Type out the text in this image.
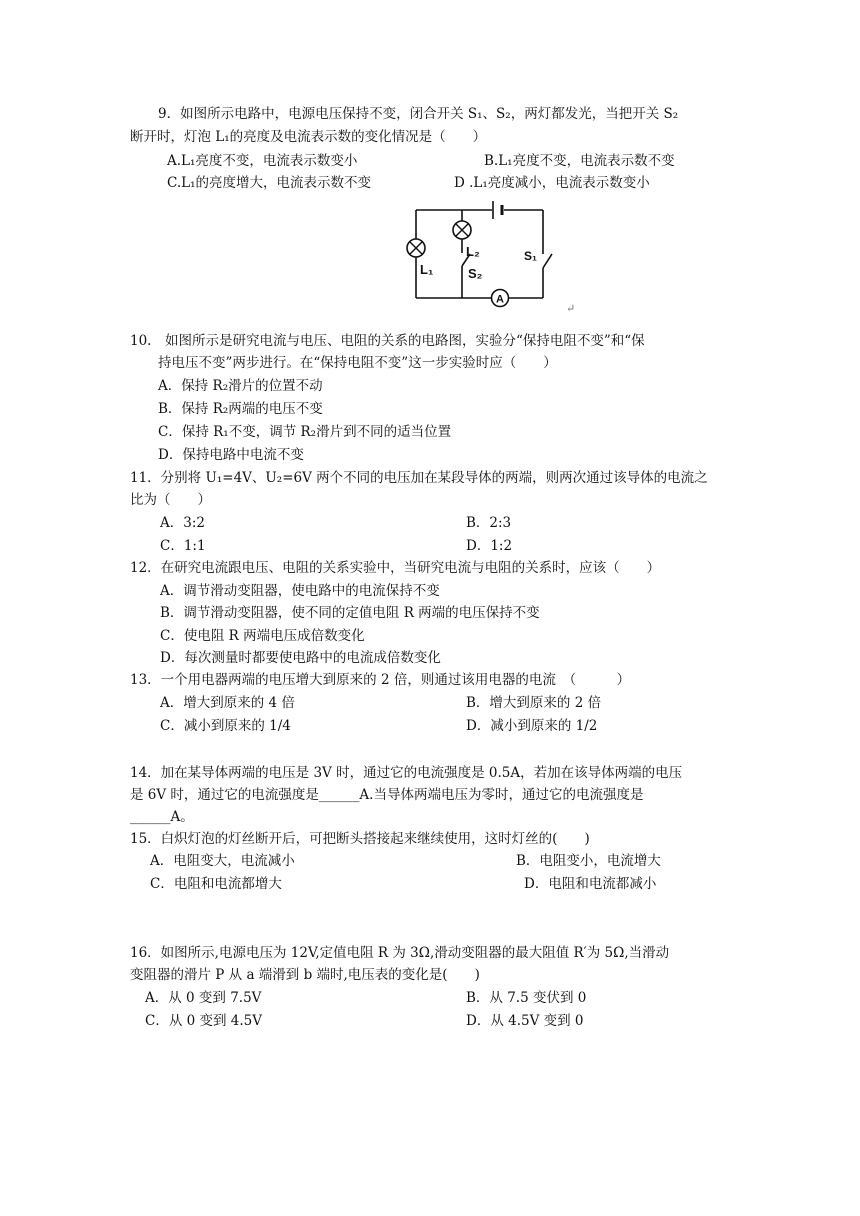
9．如图所示电路中，电源电压保持不变，闭合开关 S₁、S₂，两灯都发光，当把开关 S₂
断开时，灯泡 L₁的亮度及电流表示数的变化情况是（　　）
A.L₁亮度不变，电流表示数变小	B.L₁亮度不变，电流表示数不变
C.L₁的亮度增大，电流表示数不变	D .L₁亮度减小，电流表示数变小
A
L₁
L₂
S₂
S₁
↵
10.　如图所示是研究电流与电压、电阻的关系的电路图，实验分“保持电阻不变”和“保
持电压不变”两步进行。在“保持电阻不变”这一步实验时应（　　）
A．保持 R₂滑片的位置不动
B．保持 R₂两端的电压不变
C．保持 R₁不变，调节 R₂滑片到不同的适当位置
D．保持电路中电流不变
11．分别将 U₁=4V、U₂=6V 两个不同的电压加在某段导体的两端，则两次通过该导体的电流之
比为（　　）
A．3:2	B．2:3
C．1:1	D．1:2
12．在研究电流跟电压、电阻的关系实验中，当研究电流与电阻的关系时，应该（　　）
A．调节滑动变阻器，使电路中的电流保持不变
B．调节滑动变阻器，使不同的定值电阻 R 两端的电压保持不变
C．使电阻 R 两端电压成倍数变化
D．每次测量时都要使电路中的电流成倍数变化
13．一个用电器两端的电压增大到原来的 2 倍，则通过该用电器的电流　（　　　）
A．增大到原来的 4 倍	B．增大到原来的 2 倍
C．减小到原来的 1/4	D．减小到原来的 1/2
14．加在某导体两端的电压是 3V 时，通过它的电流强度是 0.5A，若加在该导体两端的电压
是 6V 时，通过它的电流强度是______A.当导体两端电压为零时，通过它的电流强度是
______A。
15．白炽灯泡的灯丝断开后，可把断头搭接起来继续使用，这时灯丝的(　　)
A．电阻变大，电流减小	B．电阻变小，电流增大
C．电阻和电流都增大	D．电阻和电流都减小
16．如图所示,电源电压为 12V,定值电阻 R 为 3Ω,滑动变阻器的最大阻值 R′为 5Ω,当滑动
变阻器的滑片 P 从 a 端滑到 b 端时,电压表的变化是(　　)
A．从 0 变到 7.5V	B．从 7.5 变伏到 0
C．从 0 变到 4.5V	D．从 4.5V 变到 0
